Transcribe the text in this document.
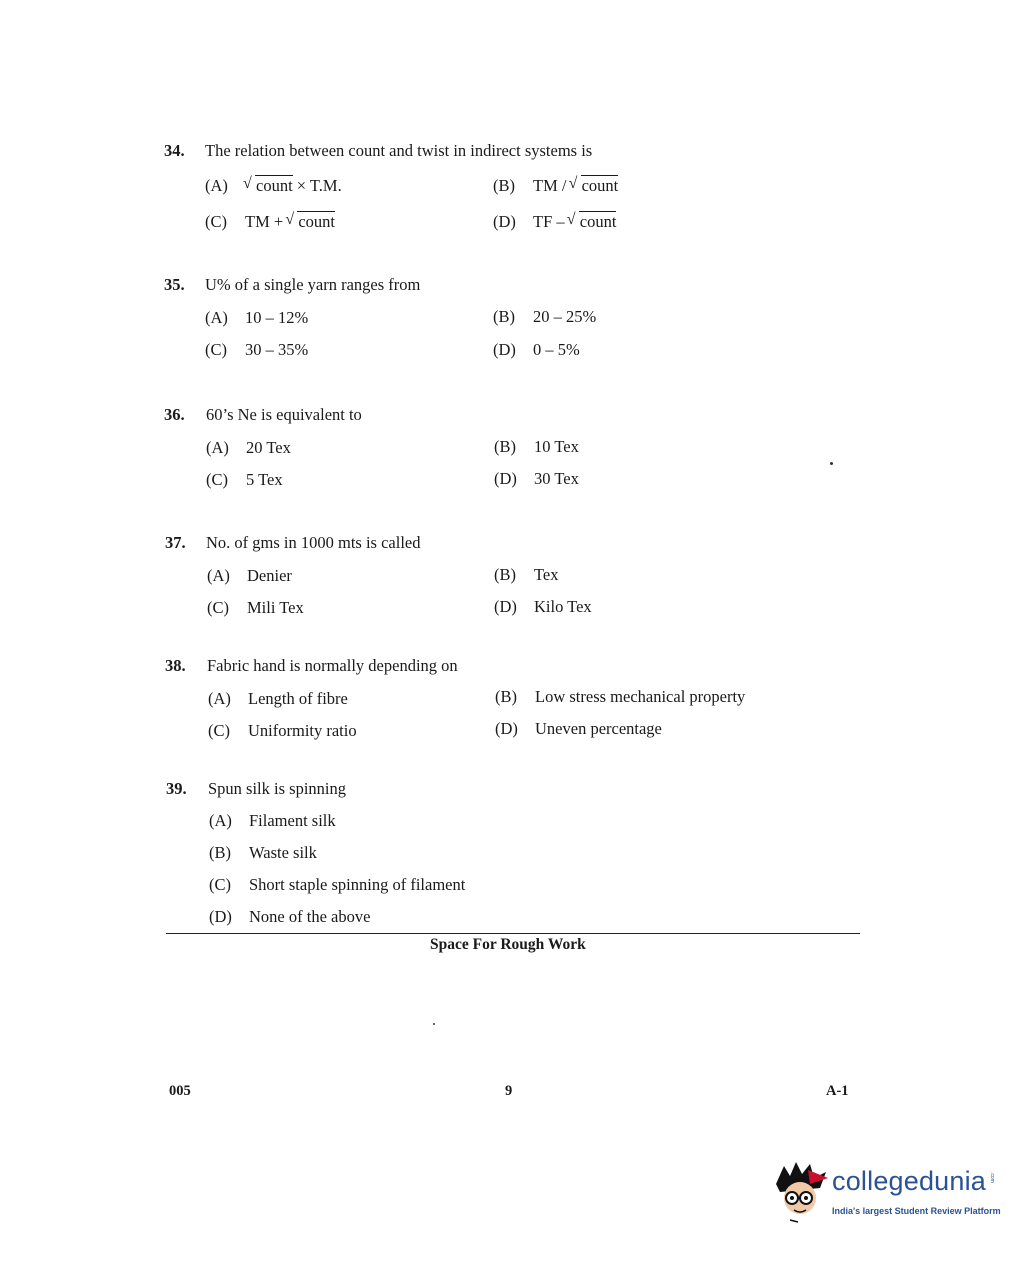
34. The relation between count and twist in indirect systems is
(A) √ count × T.M.	(B) TM / √ count
(C) TM + √ count	(D) TF – √ count
35. U% of a single yarn ranges from
(A) 10 – 12%	(B) 20 – 25%
(C) 30 – 35%	(D) 0 – 5%
36. 60’s Ne is equivalent to
(A) 20 Tex	(B) 10 Tex
(C) 5 Tex	(D) 30 Tex
37. No. of gms in 1000 mts is called
(A) Denier	(B) Tex
(C) Mili Tex	(D) Kilo Tex
38. Fabric hand is normally depending on
(A) Length of fibre	(B) Low stress mechanical property
(C) Uniformity ratio	(D) Uneven percentage
39. Spun silk is spinning
(A) Filament silk
(B) Waste silk
(C) Short staple spinning of filament
(D) None of the above
Space For Rough Work
005	9	A-1
collegedunia .com
India's largest Student Review Platform
